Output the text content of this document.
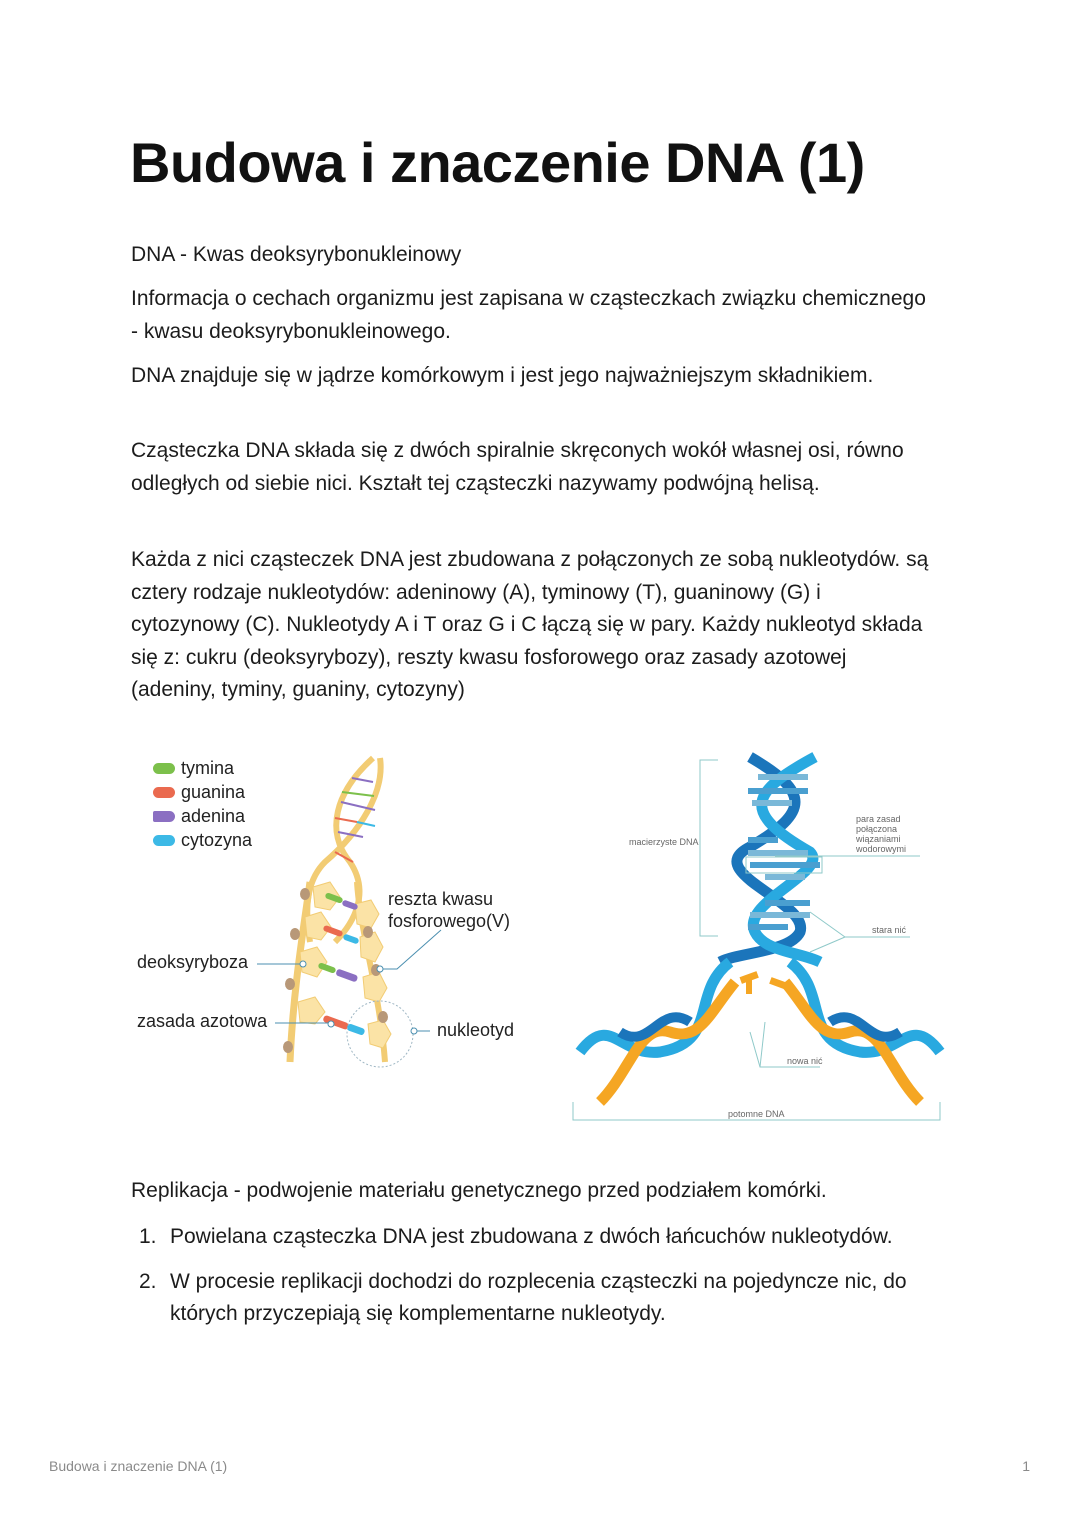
Budowa i znaczenie DNA (1)

DNA - Kwas deoksyrybonukleinowy

Informacja o cechach organizmu jest zapisana w cząsteczkach związku chemicznego - kwasu deoksyrybonukleinowego.

DNA znajduje się w jądrze komórkowym i jest jego najważniejszym składnikiem.

Cząsteczka DNA składa się z dwóch spiralnie skręconych wokół własnej osi, równo odległych od siebie nici. Kształt tej cząsteczki nazywamy podwójną helisą.

Każda z nici cząsteczek DNA jest zbudowana z połączonych ze sobą nukleotydów. są cztery rodzaje nukleotydów: adeninowy (A), tyminowy (T), guaninowy (G) i cytozynowy (C). Nukleotydy A i T oraz G i C łączą się w pary. Każdy nukleotyd składa się z: cukru (deoksyrybozy), reszty kwasu fosforowego oraz zasady azotowej (adeniny, tyminy, guaniny, cytozyny)

tymina
guanina
adenina
cytozyna
reszta kwasu
fosforowego(V)
deoksyryboza
zasada azotowa	nukleotyd
macierzyste DNA
para zasad
połączona
wiązaniami
wodorowymi
stara nić
nowa nić
potomne DNA

Replikacja - podwojenie materiału genetycznego przed podziałem komórki.

1. Powielana cząsteczka DNA jest zbudowana z dwóch łańcuchów nukleotydów.
2. W procesie replikacji dochodzi do rozplecenia cząsteczki na pojedyncze nic, do których przyczepiają się komplementarne nukleotydy.
Budowa i znaczenie DNA (1)	1
